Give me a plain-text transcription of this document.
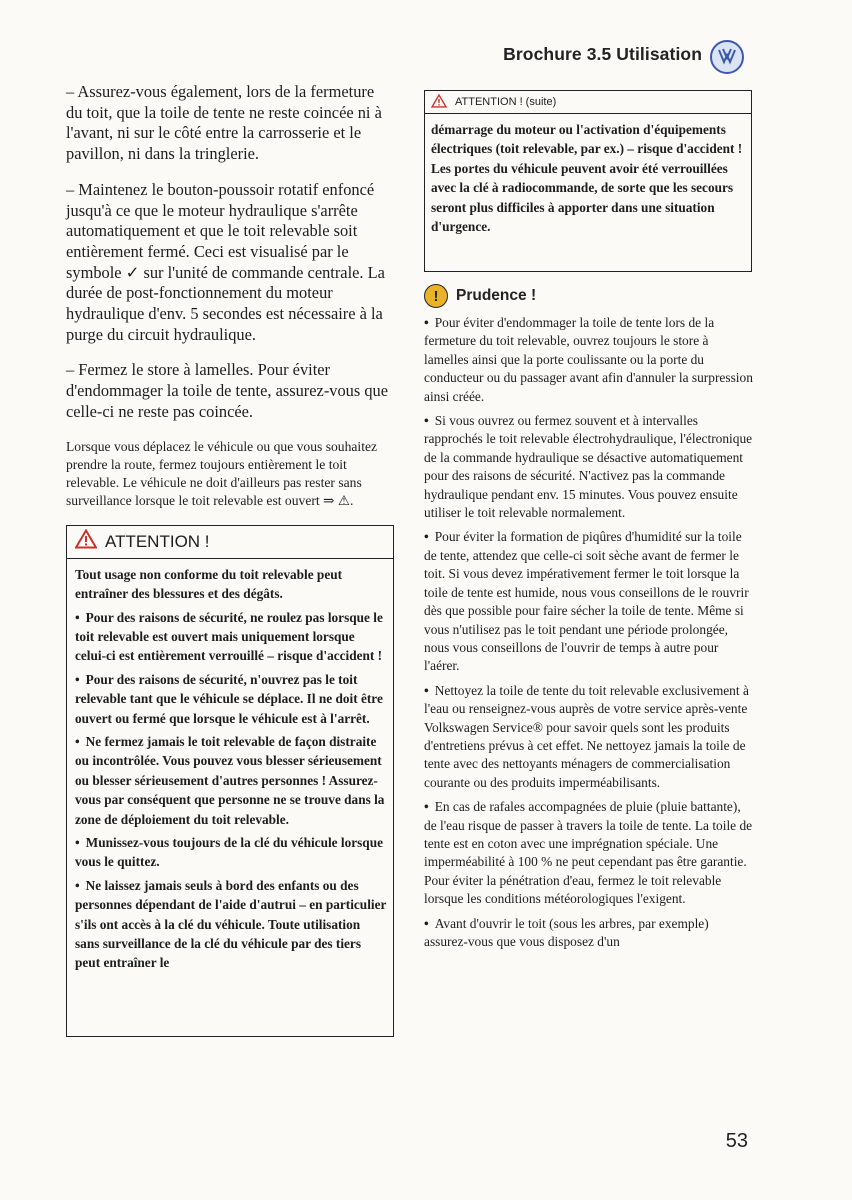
Brochure 3.5 Utilisation

– Assurez-vous également, lors de la fermeture du toit, que la toile de tente ne reste coincée ni à l'avant, ni sur le côté entre la carrosserie et le pavillon, ni dans la tringlerie.

– Maintenez le bouton-poussoir rotatif enfoncé jusqu'à ce que le moteur hydraulique s'arrête automatiquement et que le toit relevable soit entièrement fermé. Ceci est visualisé par le symbole ✓ sur l'unité de commande centrale. La durée de post-fonctionnement du moteur hydraulique d'env. 5 secondes est nécessaire à la purge du circuit hydraulique.

– Fermez le store à lamelles. Pour éviter d'endommager la toile de tente, assurez-vous que celle-ci ne reste pas coincée.

Lorsque vous déplacez le véhicule ou que vous souhaitez prendre la route, fermez toujours entièrement le toit relevable. Le véhicule ne doit d'ailleurs pas rester sans surveillance lorsque le toit relevable est ouvert ⇒ ⚠.

ATTENTION !

Tout usage non conforme du toit relevable peut entraîner des blessures et des dégâts.

• Pour des raisons de sécurité, ne roulez pas lorsque le toit relevable est ouvert mais uniquement lorsque celui-ci est entièrement verrouillé – risque d'accident !

• Pour des raisons de sécurité, n'ouvrez pas le toit relevable tant que le véhicule se déplace. Il ne doit être ouvert ou fermé que lorsque le véhicule est à l'arrêt.

• Ne fermez jamais le toit relevable de façon distraite ou incontrôlée. Vous pouvez vous blesser sérieusement ou blesser sérieusement d'autres personnes ! Assurez-vous par conséquent que personne ne se trouve dans la zone de déploiement du toit relevable.

• Munissez-vous toujours de la clé du véhicule lorsque vous le quittez.

• Ne laissez jamais seuls à bord des enfants ou des personnes dépendant de l'aide d'autrui – en particulier s'ils ont accès à la clé du véhicule. Toute utilisation sans surveillance de la clé du véhicule par des tiers peut entraîner le

ATTENTION ! (suite)

démarrage du moteur ou l'activation d'équipements électriques (toit relevable, par ex.) – risque d'accident ! Les portes du véhicule peuvent avoir été verrouillées avec la clé à radiocommande, de sorte que les secours seront plus difficiles à apporter dans une situation d'urgence.

!	Prudence !

• Pour éviter d'endommager la toile de tente lors de la fermeture du toit relevable, ouvrez toujours le store à lamelles ainsi que la porte coulissante ou la porte du conducteur ou du passager avant afin d'annuler la surpression ainsi créée.

• Si vous ouvrez ou fermez souvent et à intervalles rapprochés le toit relevable électrohydraulique, l'électronique de la commande hydraulique se désactive automatiquement pour des raisons de sécurité. N'activez pas la commande hydraulique pendant env. 15 minutes. Vous pouvez ensuite utiliser le toit relevable normalement.

• Pour éviter la formation de piqûres d'humidité sur la toile de tente, attendez que celle-ci soit sèche avant de fermer le toit. Si vous devez impérativement fermer le toit lorsque la toile de tente est humide, nous vous conseillons de le rouvrir dès que possible pour faire sécher la toile de tente. Même si vous n'utilisez pas le toit pendant une période prolongée, nous vous conseillons de l'ouvrir de temps à autre pour l'aérer.

• Nettoyez la toile de tente du toit relevable exclusivement à l'eau ou renseignez-vous auprès de votre service après-vente Volkswagen Service® pour savoir quels sont les produits d'entretiens prévus à cet effet. Ne nettoyez jamais la toile de tente avec des nettoyants ménagers de commercialisation courante ou des produits imperméabilisants.

• En cas de rafales accompagnées de pluie (pluie battante), de l'eau risque de passer à travers la toile de tente. La toile de tente est en coton avec une imprégnation spéciale. Une imperméabilité à 100 % ne peut cependant pas être garantie. Pour éviter la pénétration d'eau, fermez le toit relevable lorsque les conditions météorologiques l'exigent.

• Avant d'ouvrir le toit (sous les arbres, par exemple) assurez-vous que vous disposez d'un

53
